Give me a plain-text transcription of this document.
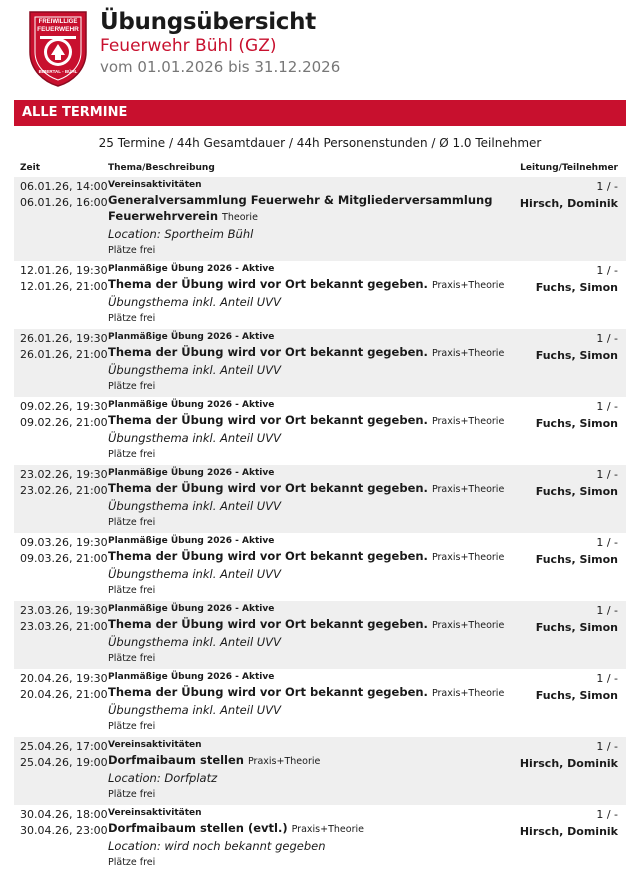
FREIWILLIGE
FEUERWEHR
BIBERTAL - BÜHL
Übungsübersicht
Feuerwehr Bühl (GZ)
vom 01.01.2026 bis 31.12.2026
ALLE TERMINE
25 Termine / 44h Gesamtdauer / 44h Personenstunden / Ø 1.0 Teilnehmer
Zeit	Thema/Beschreibung	Leitung/Teilnehmer
06.01.26, 14:00
06.01.26, 16:00
Vereinsaktivitäten
Generalversammlung Feuerwehr & Mitgliederversammlung
Feuerwehrverein Theorie
Location: Sportheim Bühl
Plätze frei
1 / -
Hirsch, Dominik
12.01.26, 19:30
12.01.26, 21:00
Planmäßige Übung 2026 - Aktive
Thema der Übung wird vor Ort bekannt gegeben. Praxis+Theorie
Übungsthema inkl. Anteil UVV
Plätze frei
1 / -
Fuchs, Simon
26.01.26, 19:30
26.01.26, 21:00
Planmäßige Übung 2026 - Aktive
Thema der Übung wird vor Ort bekannt gegeben. Praxis+Theorie
Übungsthema inkl. Anteil UVV
Plätze frei
1 / -
Fuchs, Simon
09.02.26, 19:30
09.02.26, 21:00
Planmäßige Übung 2026 - Aktive
Thema der Übung wird vor Ort bekannt gegeben. Praxis+Theorie
Übungsthema inkl. Anteil UVV
Plätze frei
1 / -
Fuchs, Simon
23.02.26, 19:30
23.02.26, 21:00
Planmäßige Übung 2026 - Aktive
Thema der Übung wird vor Ort bekannt gegeben. Praxis+Theorie
Übungsthema inkl. Anteil UVV
Plätze frei
1 / -
Fuchs, Simon
09.03.26, 19:30
09.03.26, 21:00
Planmäßige Übung 2026 - Aktive
Thema der Übung wird vor Ort bekannt gegeben. Praxis+Theorie
Übungsthema inkl. Anteil UVV
Plätze frei
1 / -
Fuchs, Simon
23.03.26, 19:30
23.03.26, 21:00
Planmäßige Übung 2026 - Aktive
Thema der Übung wird vor Ort bekannt gegeben. Praxis+Theorie
Übungsthema inkl. Anteil UVV
Plätze frei
1 / -
Fuchs, Simon
20.04.26, 19:30
20.04.26, 21:00
Planmäßige Übung 2026 - Aktive
Thema der Übung wird vor Ort bekannt gegeben. Praxis+Theorie
Übungsthema inkl. Anteil UVV
Plätze frei
1 / -
Fuchs, Simon
25.04.26, 17:00
25.04.26, 19:00
Vereinsaktivitäten
Dorfmaibaum stellen Praxis+Theorie
Location: Dorfplatz
Plätze frei
1 / -
Hirsch, Dominik
30.04.26, 18:00
30.04.26, 23:00
Vereinsaktivitäten
Dorfmaibaum stellen (evtl.) Praxis+Theorie
Location: wird noch bekannt gegeben
Plätze frei
1 / -
Hirsch, Dominik
